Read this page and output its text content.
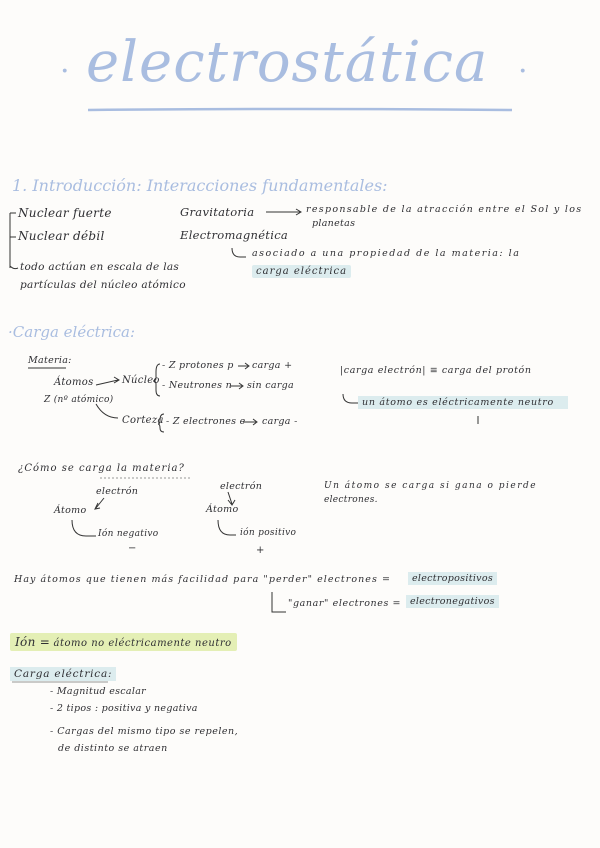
· electrostática ·
1. Introducción: Interacciones fundamentales:
Nuclear fuerte
Nuclear débil
todo actúan en escala de las
partículas del núcleo atómico
Gravitatoria
Electromagnética
responsable de la atracción entre el Sol y los
planetas
asociado a una propiedad de la materia: la
carga eléctrica
·Carga eléctrica:
Materia:
Átomos
Z (nº atómico)
Núcleo
- Z protones p carga +
- Neutrones n sin carga
Corteza - Z electrones e carga -
|carga electrón| ≡ carga del protón
un átomo es eléctricamente neutro
¿Cómo se carga la materia?
electrón
Átomo
Ión negativo
−
electrón
Átomo
ión positivo
+
Un átomo se carga si gana o pierde
electrones.
Hay átomos que tienen más facilidad para "perder" electrones =	electropositivos
"ganar" electrones = electronegativos
Ión = átomo no eléctricamente neutro
Carga eléctrica:
- Magnitud escalar
- 2 tipos : positiva y negativa
- Cargas del mismo tipo se repelen,
de distinto se atraen
